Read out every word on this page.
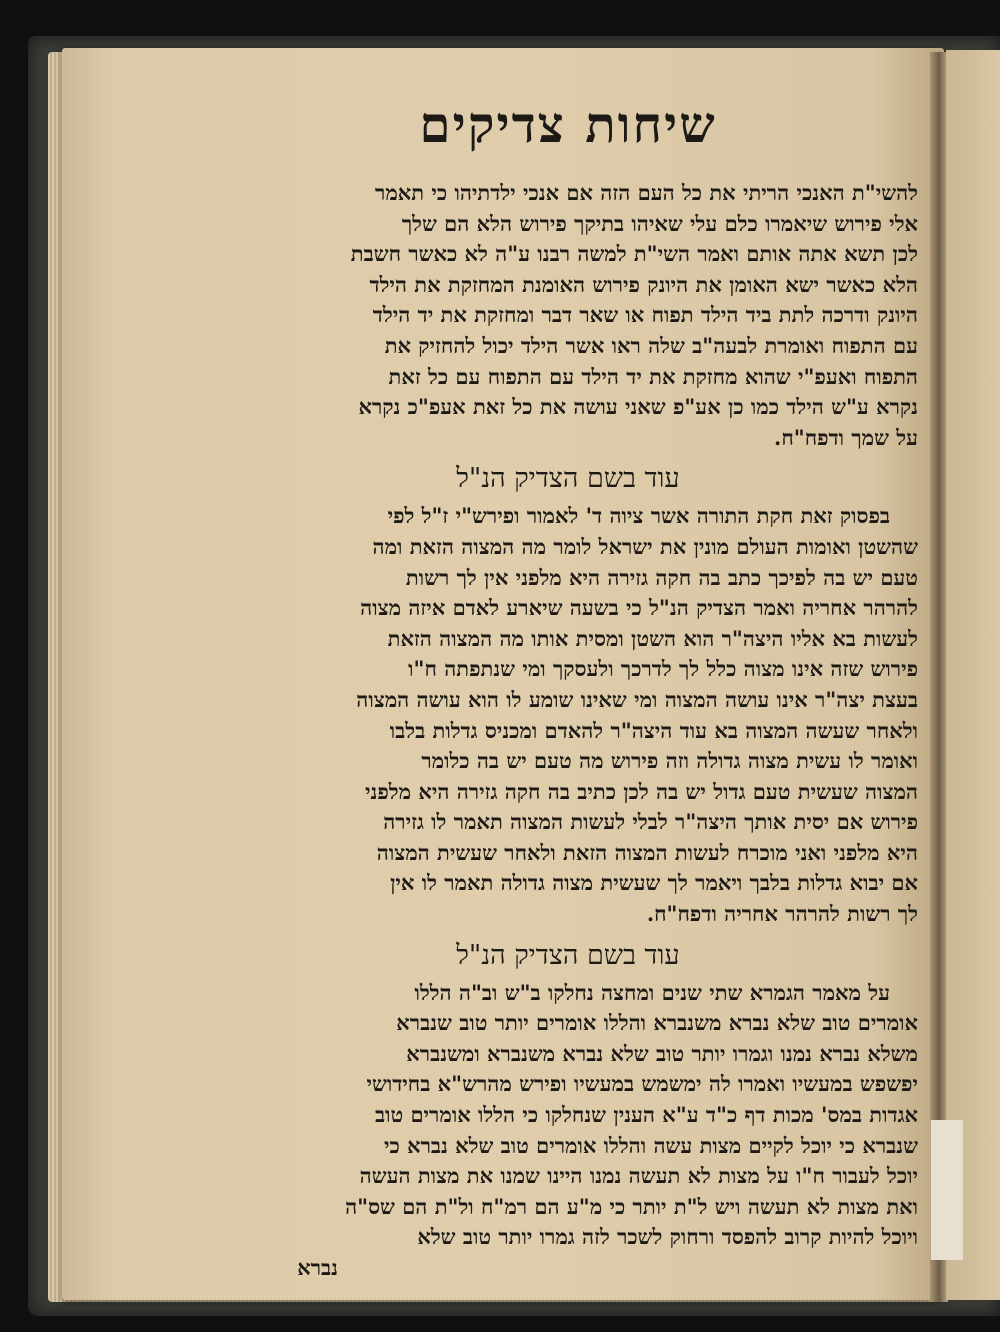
שיחות צדיקים
להשי"ת האנכי הריתי את כל העם הזה אם אנכי ילדתיהו כי תאמר
אלי פירוש שיאמרו כלם עלי שאיהו בתיקך פירוש הלא הם שלך
לכן תשא אתה אותם ואמר השי"ת למשה רבנו ע"ה לא כאשר חשבת
הלא כאשר ישא האומן את היונק פירוש האומנת המחזקת את הילד
היונק ודרכה לתת ביד הילד תפוח או שאר דבר ומחזקת את יד הילד
עם התפוח ואומרת לבעה"ב שלה ראו אשר הילד יכול להחזיק את
התפוח ואעפ"י שהוא מחזקת את יד הילד עם התפוח עם כל זאת
נקרא ע"ש הילד כמו כן אע"פ שאני עושה את כל זאת אעפ"כ נקרא
על שמך ודפח"ח.
עוד בשם הצדיק הנ"ל
בפסוק זאת חקת התורה אשר ציוה ד' לאמור ופירש"י ז"ל לפי
שהשטן ואומות העולם מונין את ישראל לומר מה המצוה הזאת ומה
טעם יש בה לפיכך כתב בה חקה גזירה היא מלפני אין לך רשות
להרהר אחריה ואמר הצדיק הנ"ל כי בשעה שיארע לאדם איזה מצוה
לעשות בא אליו היצה"ר הוא השטן ומסית אותו מה המצוה הזאת
פירוש שזה אינו מצוה כלל לך לדרכך ולעסקך ומי שנתפתה ח"ו
בעצת יצה"ר אינו עושה המצוה ומי שאינו שומע לו הוא עושה המצוה
ולאחר שעשה המצוה בא עוד היצה"ר להאדם ומכניס גדלות בלבו
ואומר לו עשית מצוה גדולה וזה פירוש מה טעם יש בה כלומר
המצוה שעשית טעם גדול יש בה לכן כתיב בה חקה גזירה היא מלפני
פירוש אם יסית אותך היצה"ר לבלי לעשות המצוה תאמר לו גזירה
היא מלפני ואני מוכרח לעשות המצוה הזאת ולאחר שעשית המצוה
אם יבוא גדלות בלבך ויאמר לך שעשית מצוה גדולה תאמר לו אין
לך רשות להרהר אחריה ודפח"ח.
עוד בשם הצדיק הנ"ל
על מאמר הגמרא שתי שנים ומחצה נחלקו ב"ש וב"ה הללו
אומרים טוב שלא נברא משנברא והללו אומרים יותר טוב שנברא
משלא נברא נמנו וגמרו יותר טוב שלא נברא משנברא ומשנברא
יפשפש במעשיו ואמרו לה ימשמש במעשיו ופירש מהרש"א בחידושי
אגדות במס' מכות דף כ"ד ע"א הענין שנחלקו כי הללו אומרים טוב
שנברא כי יוכל לקיים מצות עשה והללו אומרים טוב שלא נברא כי
יוכל לעבור ח"ו על מצות לא תעשה נמנו היינו שמנו את מצות העשה
ואת מצות לא תעשה ויש ל"ת יותר כי מ"ע הם רמ"ח ול"ת הם שס"ה
ויוכל להיות קרוב להפסד ורחוק לשכר לזה גמרו יותר טוב שלא
נברא
